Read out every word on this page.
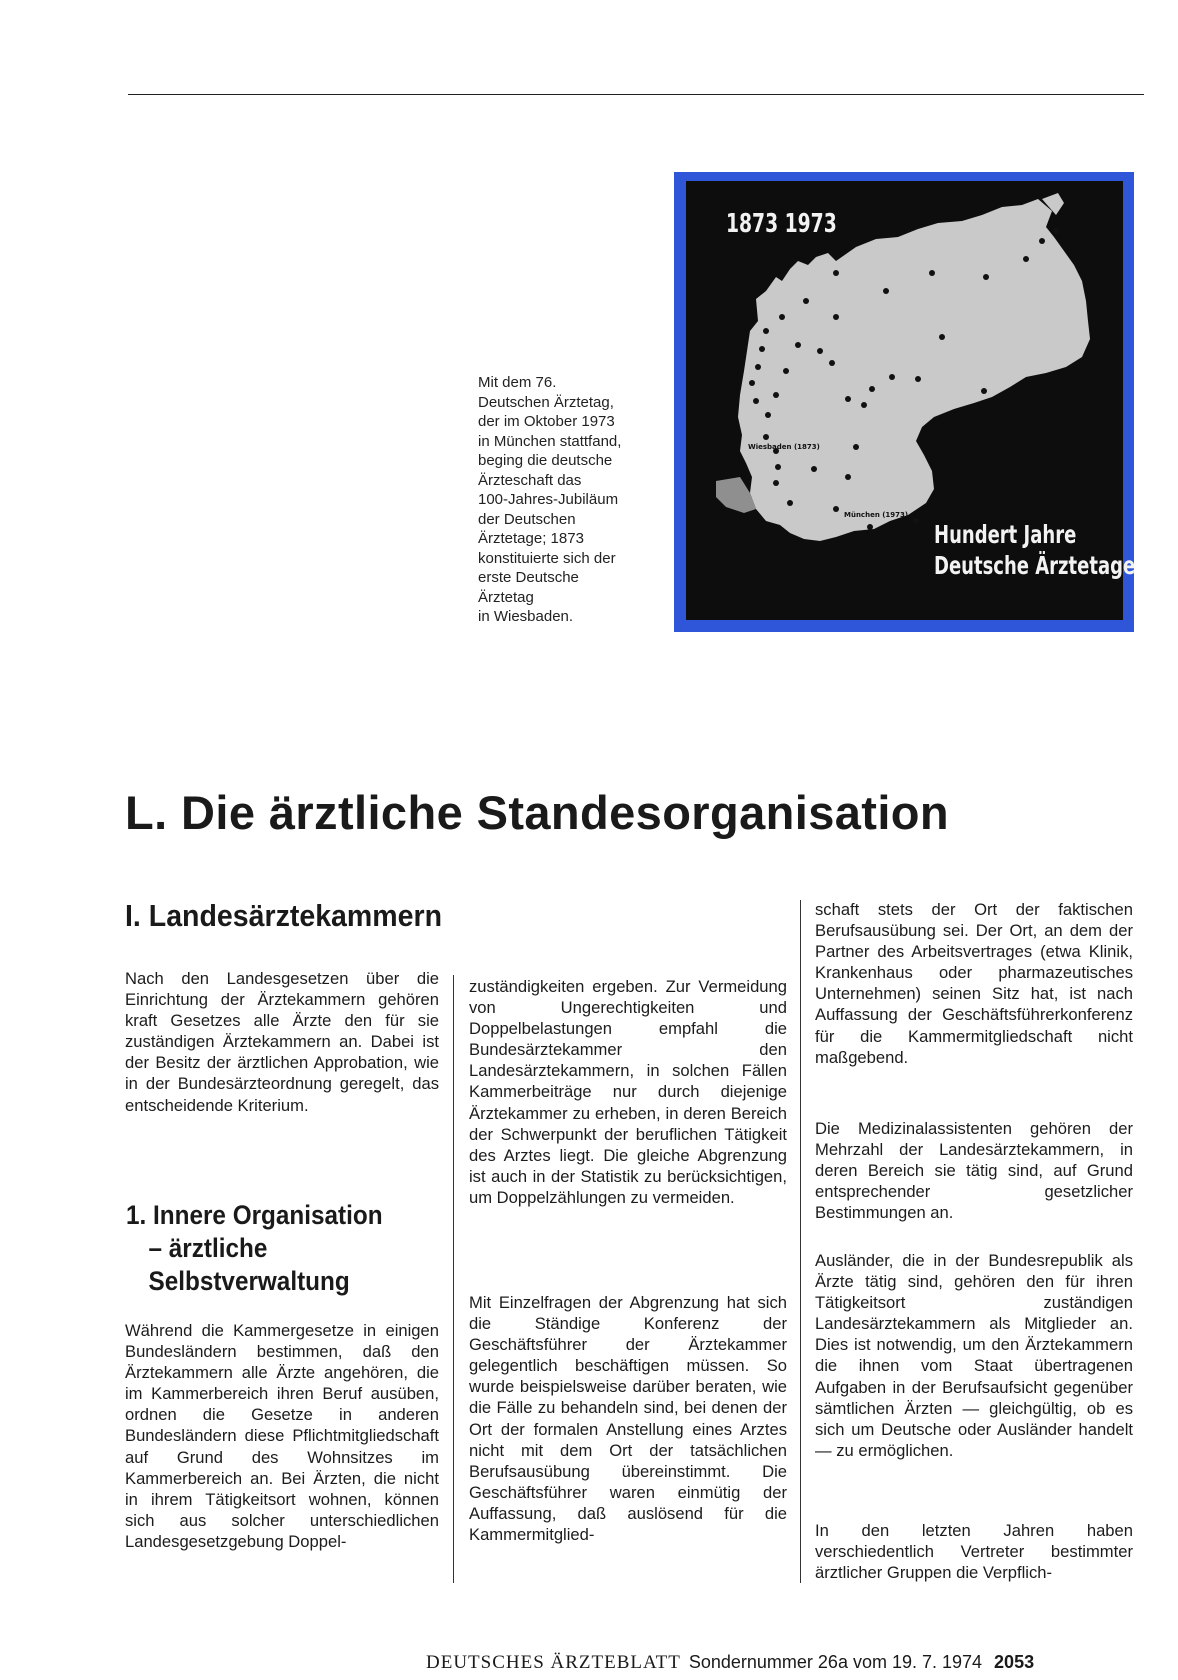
Mit dem 76.

Deutschen Ärztetag,

der im Oktober 1973

in München stattfand,

beging die deutsche

Ärzteschaft das

100-Jahres-Jubiläum

der Deutschen

Ärztetage; 1873

konstituierte sich der

erste Deutsche

Ärztetag

in Wiesbaden.

1873 1973
Wiesbaden (1873)
München (1973)
Hundert Jahre
Deutsche Ärztetage
L. Die ärztliche Standesorganisation
I. Landesärztekammern

Nach den Landesgesetzen über die Einrichtung der Ärztekammern gehören kraft Gesetzes alle Ärzte den für sie zuständigen Ärztekammern an. Dabei ist der Besitz der ärztlichen Approbation, wie in der Bundesärzteordnung geregelt, das entscheidende Kriterium.

1. Innere Organisation
– ärztliche
Selbstverwaltung

Während die Kammergesetze in einigen Bundesländern bestimmen, daß den Ärztekammern alle Ärzte angehören, die im Kammerbereich ihren Beruf ausüben, ordnen die Gesetze in anderen Bundesländern diese Pflichtmitgliedschaft auf Grund des Wohnsitzes im Kammerbereich an. Bei Ärzten, die nicht in ihrem Tätigkeitsort wohnen, können sich aus solcher unterschiedlichen Landesgesetzgebung Doppel-

zuständigkeiten ergeben. Zur Vermeidung von Ungerechtigkeiten und Doppelbelastungen empfahl die Bundesärztekammer den Landesärztekammern, in solchen Fällen Kammerbeiträge nur durch diejenige Ärztekammer zu erheben, in deren Bereich der Schwerpunkt der beruflichen Tätigkeit des Arztes liegt. Die gleiche Abgrenzung ist auch in der Statistik zu berücksichtigen, um Doppelzählungen zu vermeiden.

Mit Einzelfragen der Abgrenzung hat sich die Ständige Konferenz der Geschäftsführer der Ärztekammer gelegentlich beschäftigen müssen. So wurde beispielsweise darüber beraten, wie die Fälle zu behandeln sind, bei denen der Ort der formalen Anstellung eines Arztes nicht mit dem Ort der tatsächlichen Berufsausübung übereinstimmt. Die Geschäftsführer waren einmütig der Auffassung, daß auslösend für die Kammermitglied-

schaft stets der Ort der faktischen Berufsausübung sei. Der Ort, an dem der Partner des Arbeitsvertrages (etwa Klinik, Krankenhaus oder pharmazeutisches Unternehmen) seinen Sitz hat, ist nach Auffassung der Geschäftsführerkonferenz für die Kammermitgliedschaft nicht maßgebend.

Die Medizinalassistenten gehören der Mehrzahl der Landesärztekammern, in deren Bereich sie tätig sind, auf Grund entsprechender gesetzlicher Bestimmungen an.

Ausländer, die in der Bundesrepublik als Ärzte tätig sind, gehören den für ihren Tätigkeitsort zuständigen Landesärztekammern als Mitglieder an. Dies ist notwendig, um den Ärztekammern die ihnen vom Staat übertragenen Aufgaben in der Berufsaufsicht gegenüber sämtlichen Ärzten — gleichgültig, ob es sich um Deutsche oder Ausländer handelt — zu ermöglichen.

In den letzten Jahren haben verschiedentlich Vertreter bestimmter ärztlicher Gruppen die Verpflich-

DEUTSCHES ÄRZTEBLATT Sondernummer 26a vom 19. 7. 1974 2053
